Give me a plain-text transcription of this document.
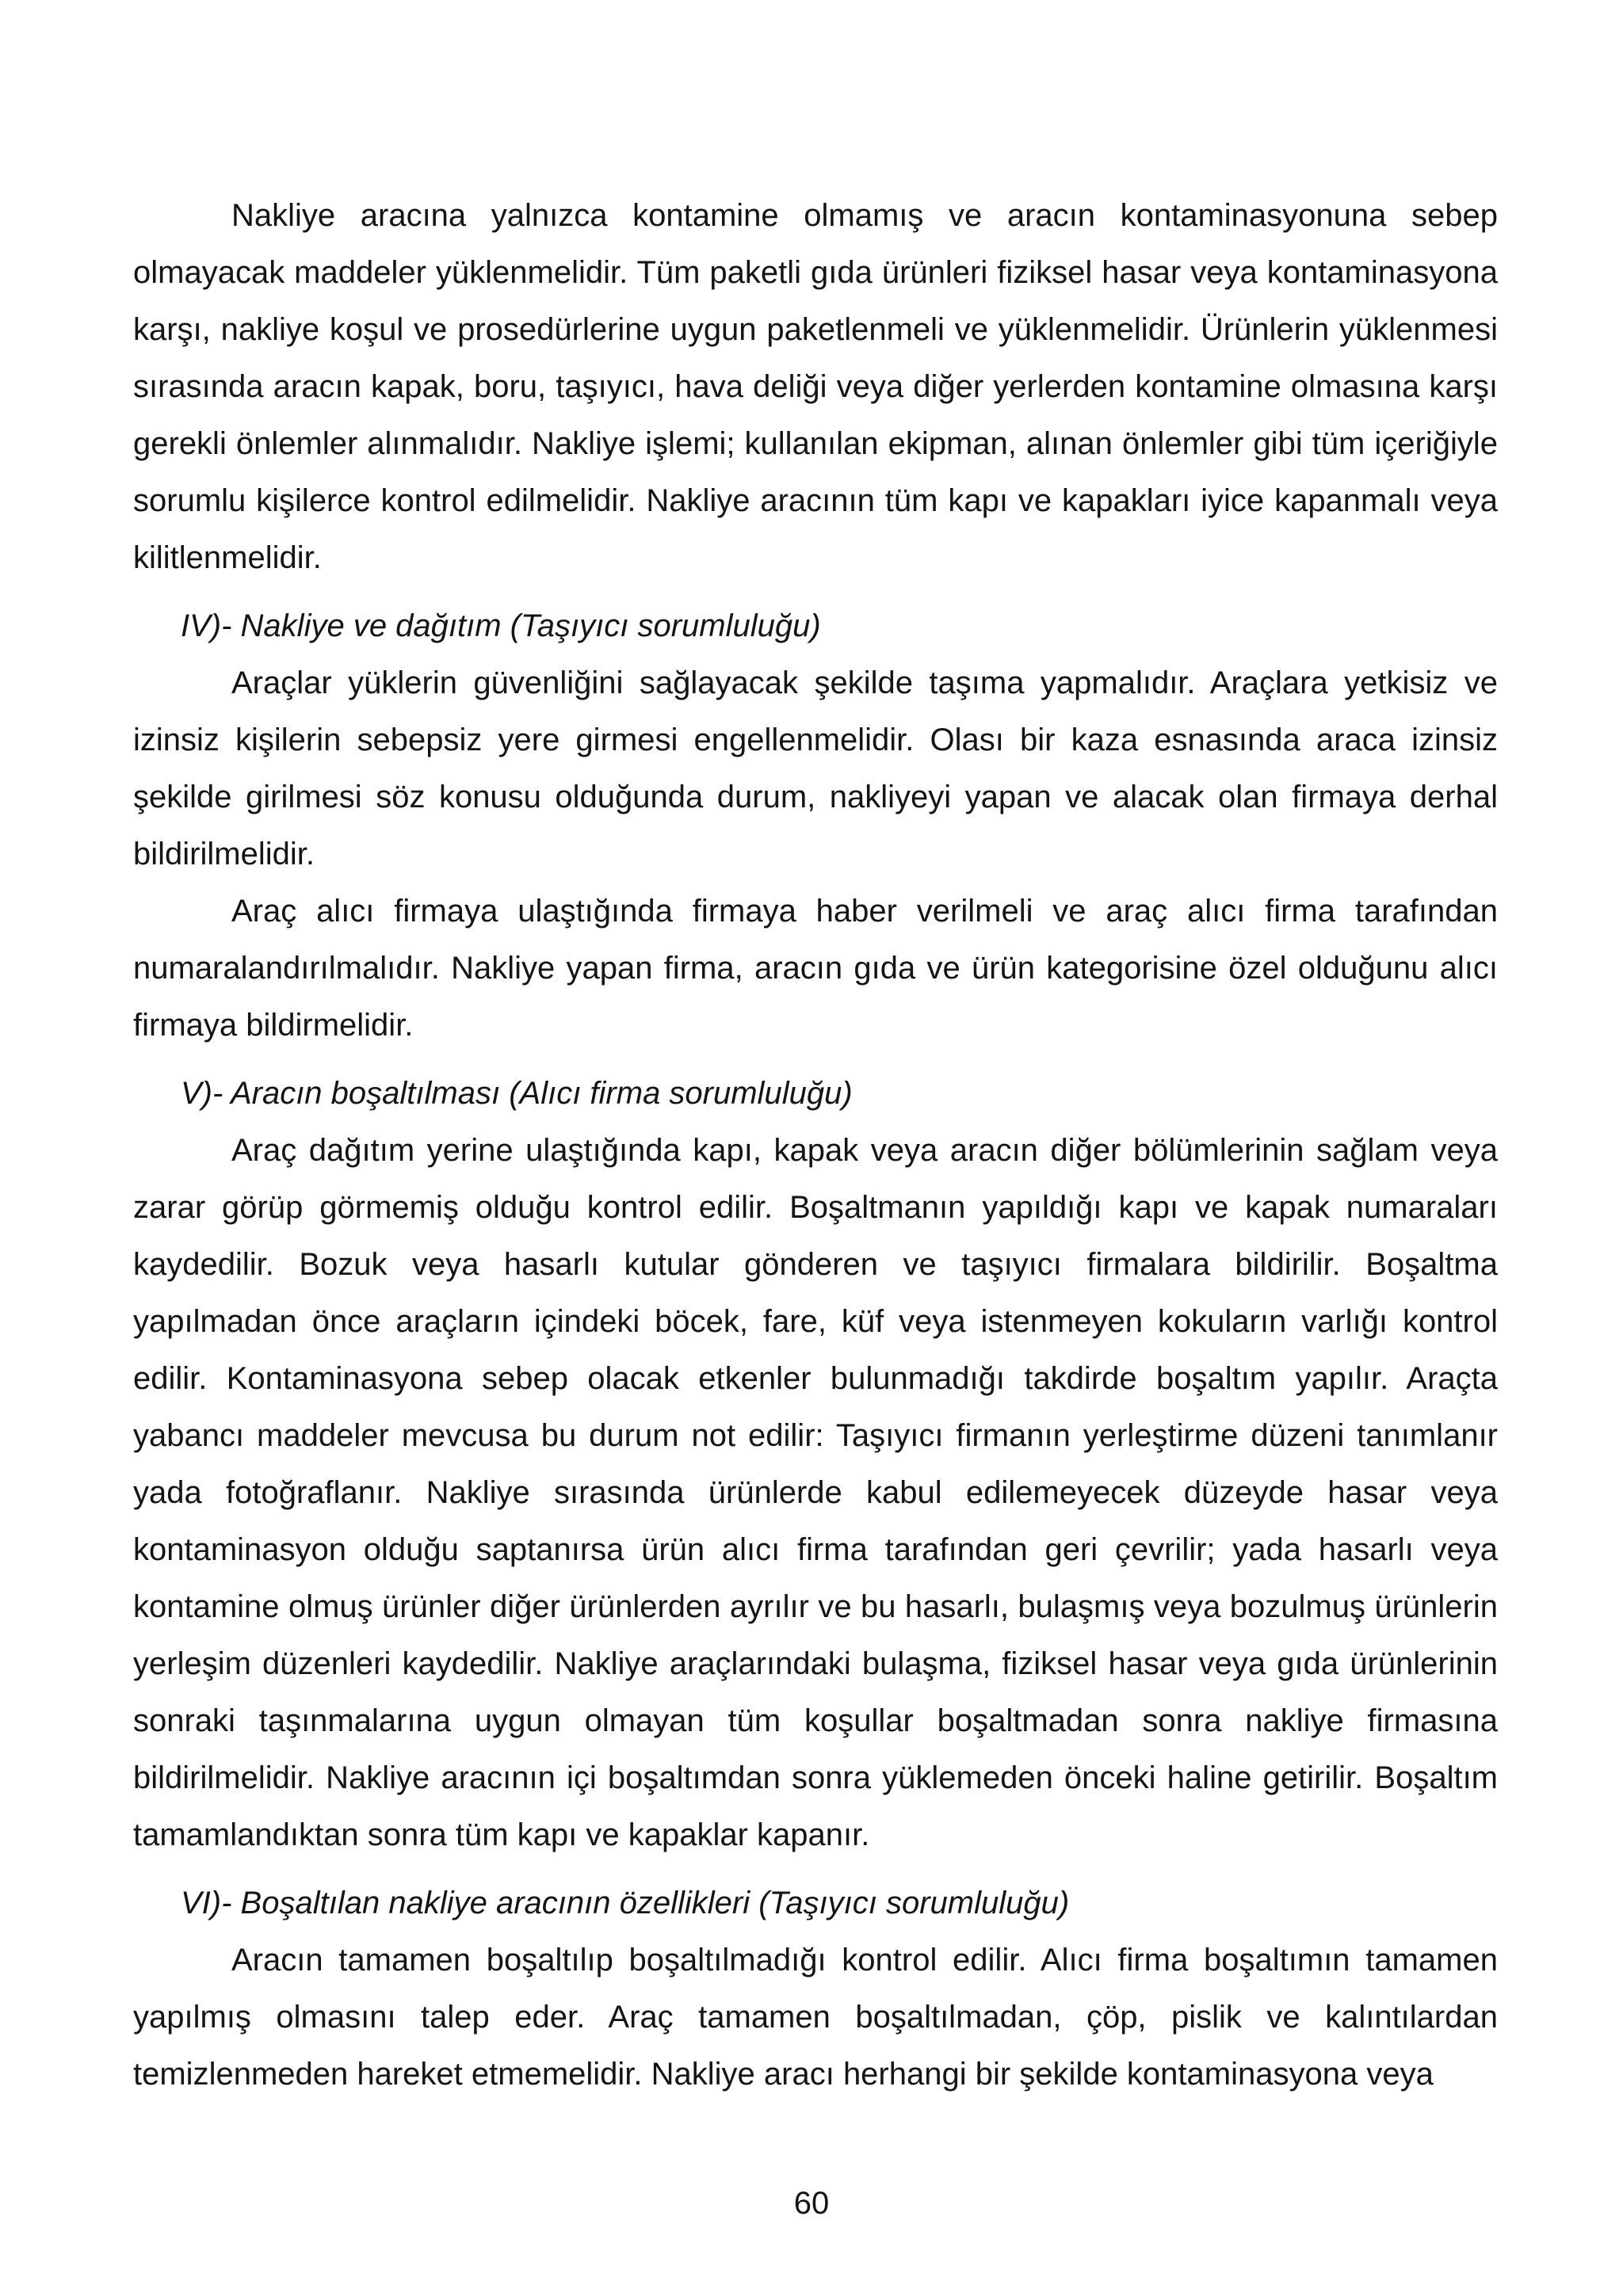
Nakliye aracına yalnızca kontamine olmamış ve aracın kontaminasyonuna sebep olmayacak maddeler yüklenmelidir. Tüm paketli gıda ürünleri fiziksel hasar veya kontaminasyona karşı, nakliye koşul ve prosedürlerine uygun paketlenmeli ve yüklenmelidir. Ürünlerin yüklenmesi sırasında aracın kapak, boru, taşıyıcı, hava deliği veya diğer yerlerden kontamine olmasına karşı gerekli önlemler alınmalıdır. Nakliye işlemi; kullanılan ekipman, alınan önlemler gibi tüm içeriğiyle sorumlu kişilerce kontrol edilmelidir. Nakliye aracının tüm kapı ve kapakları iyice kapanmalı veya kilitlenmelidir.

IV)- Nakliye ve dağıtım (Taşıyıcı sorumluluğu)

Araçlar yüklerin güvenliğini sağlayacak şekilde taşıma yapmalıdır. Araçlara yetkisiz ve izinsiz kişilerin sebepsiz yere girmesi engellenmelidir. Olası bir kaza esnasında araca izinsiz şekilde girilmesi söz konusu olduğunda durum, nakliyeyi yapan ve alacak olan firmaya derhal bildirilmelidir.

Araç alıcı firmaya ulaştığında firmaya haber verilmeli ve araç alıcı firma tarafından numaralandırılmalıdır. Nakliye yapan firma, aracın gıda ve ürün kategorisine özel olduğunu alıcı firmaya bildirmelidir.

V)- Aracın boşaltılması (Alıcı firma sorumluluğu)

Araç dağıtım yerine ulaştığında kapı, kapak veya aracın diğer bölümlerinin sağlam veya zarar görüp görmemiş olduğu kontrol edilir. Boşaltmanın yapıldığı kapı ve kapak numaraları kaydedilir. Bozuk veya hasarlı kutular gönderen ve taşıyıcı firmalara bildirilir. Boşaltma yapılmadan önce araçların içindeki böcek, fare, küf veya istenmeyen kokuların varlığı kontrol edilir. Kontaminasyona sebep olacak etkenler bulunmadığı takdirde boşaltım yapılır. Araçta yabancı maddeler mevcusa bu durum not edilir: Taşıyıcı firmanın yerleştirme düzeni tanımlanır yada fotoğraflanır. Nakliye sırasında ürünlerde kabul edilemeyecek düzeyde hasar veya kontaminasyon olduğu saptanırsa ürün alıcı firma tarafından geri çevrilir; yada hasarlı veya kontamine olmuş ürünler diğer ürünlerden ayrılır ve bu hasarlı, bulaşmış veya bozulmuş ürünlerin yerleşim düzenleri kaydedilir. Nakliye araçlarındaki bulaşma, fiziksel hasar veya gıda ürünlerinin sonraki taşınmalarına uygun olmayan tüm koşullar boşaltmadan sonra nakliye firmasına bildirilmelidir. Nakliye aracının içi boşaltımdan sonra yüklemeden önceki haline getirilir. Boşaltım tamamlandıktan sonra tüm kapı ve kapaklar kapanır.

VI)- Boşaltılan nakliye aracının özellikleri (Taşıyıcı sorumluluğu)

Aracın tamamen boşaltılıp boşaltılmadığı kontrol edilir. Alıcı firma boşaltımın tamamen yapılmış olmasını talep eder. Araç tamamen boşaltılmadan, çöp, pislik ve kalıntılardan temizlenmeden hareket etmemelidir. Nakliye aracı herhangi bir şekilde kontaminasyona veya

60
